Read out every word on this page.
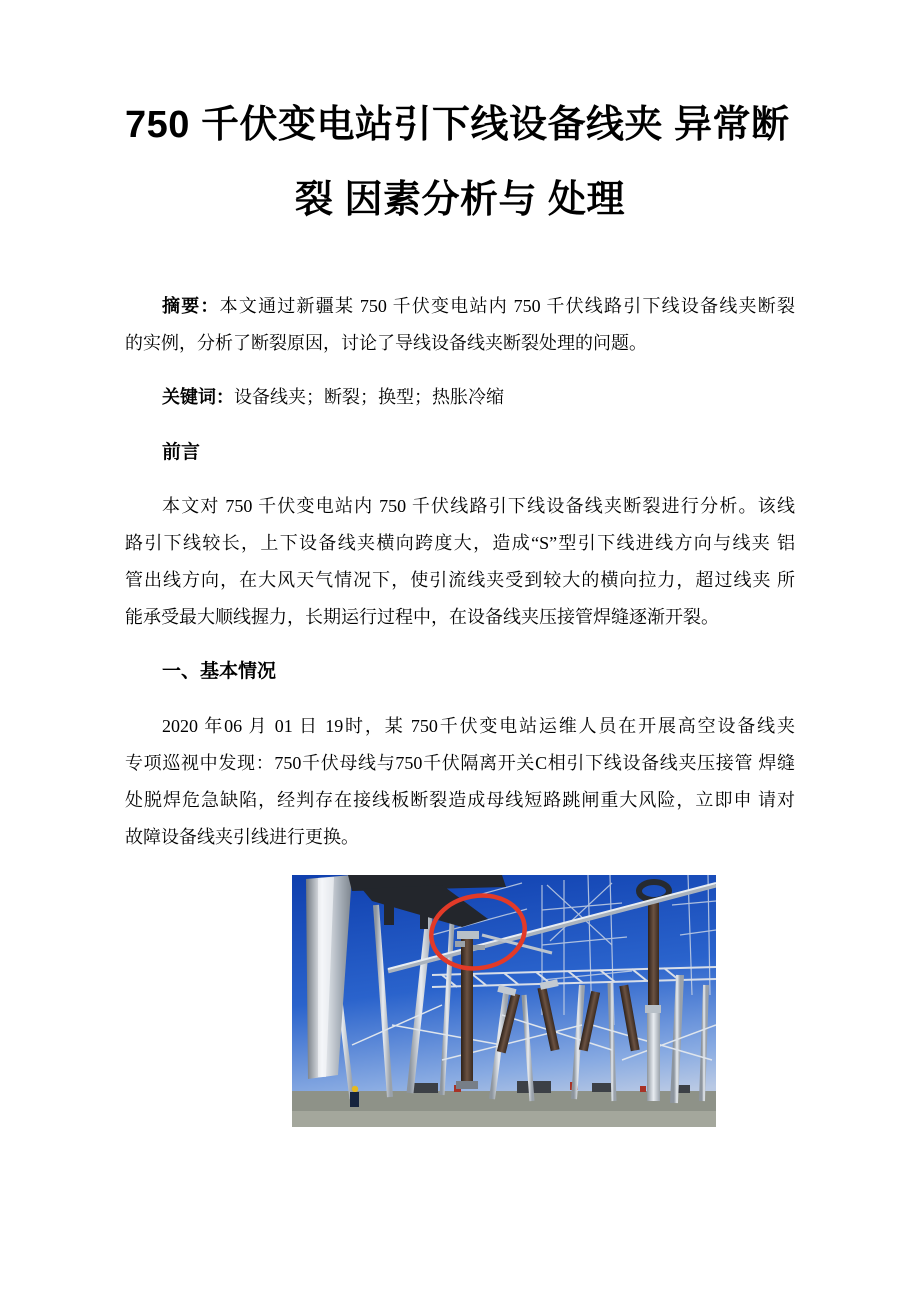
750 千伏变电站引下线设备线夹 异常断
裂 因素分析与 处理
摘要：本文通过新疆某 750 千伏变电站内 750 千伏线路引下线设备线夹断裂
的实例，分析了断裂原因，讨论了导线设备线夹断裂处理的问题。
关键词：设备线夹；断裂；换型；热胀冷缩
前言
本文对 750 千伏变电站内 750 千伏线路引下线设备线夹断裂进行分析。该线
路引下线较长，上下设备线夹横向跨度大，造成“S”型引下线进线方向与线夹 铝
管出线方向，在大风天气情况下，使引流线夹受到较大的横向拉力，超过线夹 所
能承受最大顺线握力，长期运行过程中，在设备线夹压接管焊缝逐渐开裂。
一、基本情况
2020 年06 月 01 日 19时，某 750千伏变电站运维人员在开展高空设备线夹
专项巡视中发现：750千伏母线与750千伏隔离开关C相引下线设备线夹压接管 焊缝
处脱焊危急缺陷，经判存在接线板断裂造成母线短路跳闸重大风险，立即申 请对
故障设备线夹引线进行更换。
